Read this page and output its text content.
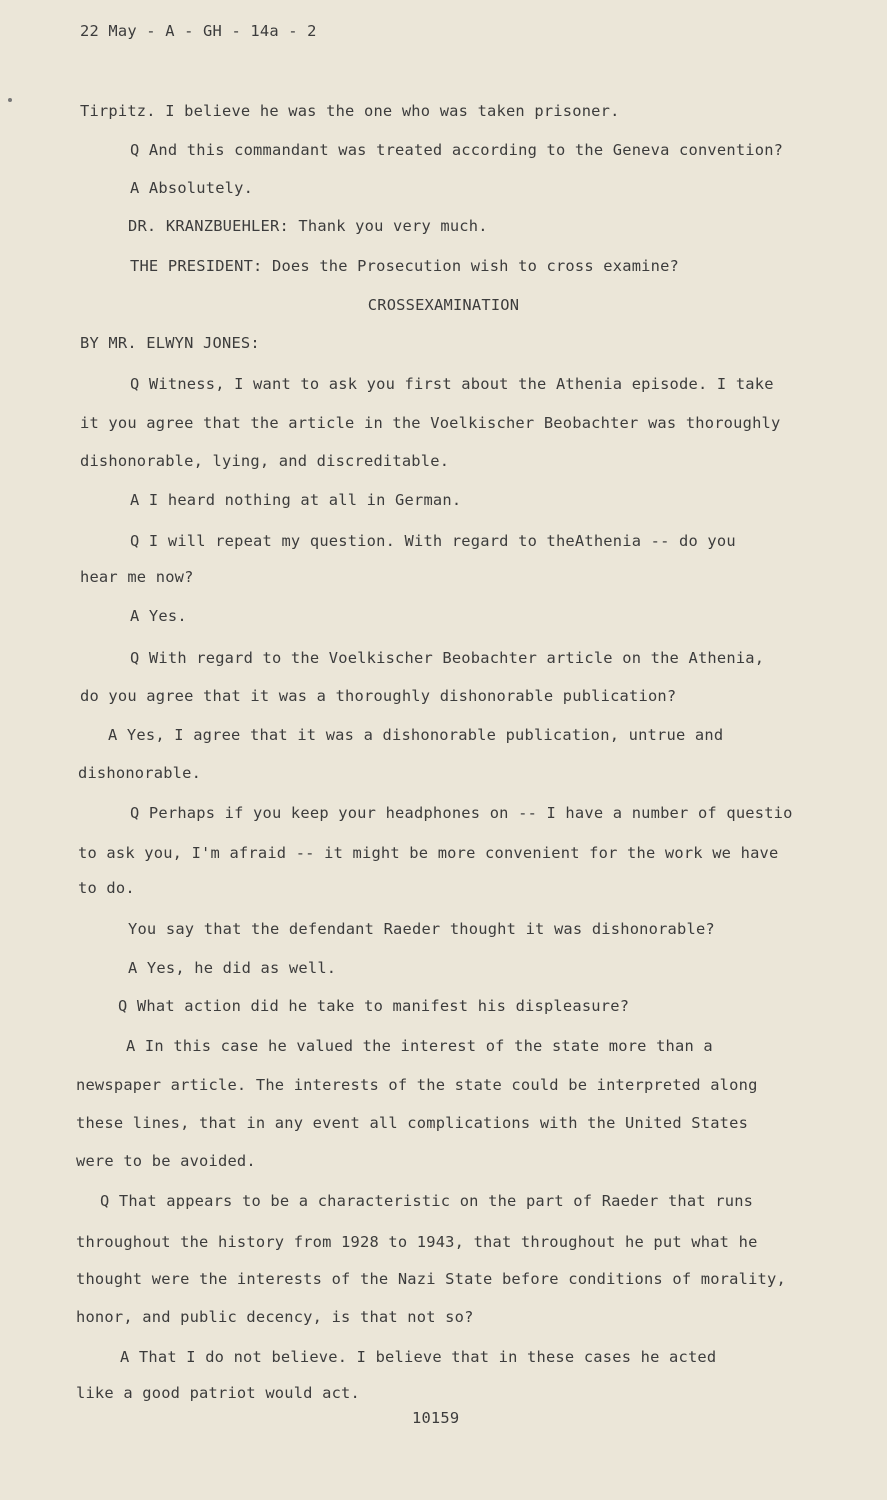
22 May - A - GH - 14a - 2
Tirpitz. I believe he was the one who was taken prisoner.
Q And this commandant was treated according to the Geneva convention?
A Absolutely.
DR. KRANZBUEHLER: Thank you very much.
THE PRESIDENT: Does the Prosecution wish to cross examine?
CROSSEXAMINATION
BY MR. ELWYN JONES:
Q Witness, I want to ask you first about the Athenia episode. I take
it you agree that the article in the Voelkischer Beobachter was thoroughly
dishonorable, lying, and discreditable.
A I heard nothing at all in German.
Q I will repeat my question. With regard to theAthenia -- do you
hear me now?
A Yes.
Q With regard to the Voelkischer Beobachter article on the Athenia,
do you agree that it was a thoroughly dishonorable publication?
A Yes, I agree that it was a dishonorable publication, untrue and
dishonorable.
Q Perhaps if you keep your headphones on -- I have a number of questio
to ask you, I'm afraid -- it might be more convenient for the work we have
to do.
You say that the defendant Raeder thought it was dishonorable?
A Yes, he did as well.
Q What action did he take to manifest his displeasure?
A In this case he valued the interest of the state more than a
newspaper article. The interests of the state could be interpreted along
these lines, that in any event all complications with the United States
were to be avoided.
Q That appears to be a characteristic on the part of Raeder that runs
throughout the history from 1928 to 1943, that throughout he put what he
thought were the interests of the Nazi State before conditions of morality,
honor, and public decency, is that not so?
A That I do not believe. I believe that in these cases he acted
like a good patriot would act.
10159
